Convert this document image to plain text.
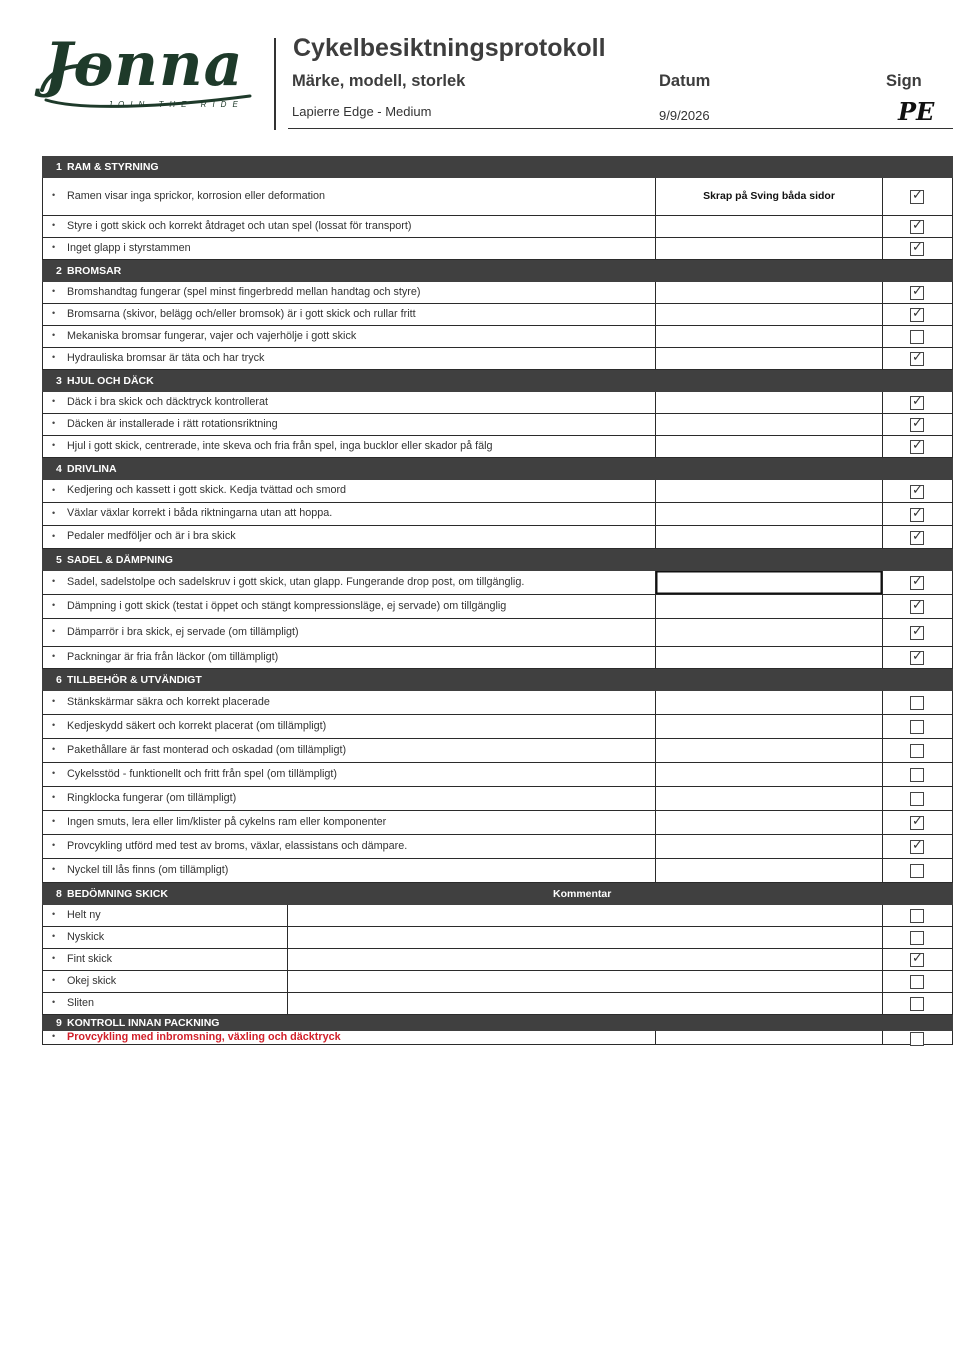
Jonna
JOIN THE RIDE
Cykelbesiktningsprotokoll
Märke, modell, storlek	Datum	Sign
Lapierre Edge - Medium	9/9/2026	PE
1 RAM & STYRNING
• Ramen visar inga sprickor, korrosion eller deformation	Skrap på Sving båda sidor	✓
• Styre i gott skick och korrekt åtdraget och utan spel (lossat för transport)	✓
• Inget glapp i styrstammen	✓
2 BROMSAR
• Bromshandtag fungerar (spel minst fingerbredd mellan handtag och styre)	✓
• Bromsarna (skivor, belägg och/eller bromsok) är i gott skick och rullar fritt	✓
• Mekaniska bromsar fungerar, vajer och vajerhölje i gott skick
• Hydrauliska bromsar är täta och har tryck	✓
3 HJUL OCH DÄCK
• Däck i bra skick och däcktryck kontrollerat	✓
• Däcken är installerade i rätt rotationsriktning	✓
• Hjul i gott skick, centrerade, inte skeva och fria från spel, inga bucklor eller skador på fälg	✓
4 DRIVLINA
• Kedjering och kassett i gott skick. Kedja tvättad och smord	✓
• Växlar växlar korrekt i båda riktningarna utan att hoppa.	✓
• Pedaler medföljer och är i bra skick	✓
5 SADEL & DÄMPNING
• Sadel, sadelstolpe och sadelskruv i gott skick, utan glapp. Fungerande drop post, om tillgänglig.	✓
• Dämpning i gott skick (testat i öppet och stängt kompressionsläge, ej servade) om tillgänglig	✓
• Dämparrör i bra skick, ej servade (om tillämpligt)	✓
• Packningar är fria från läckor (om tillämpligt)	✓
6 TILLBEHÖR & UTVÄNDIGT
• Stänkskärmar säkra och korrekt placerade
• Kedjeskydd säkert och korrekt placerat (om tillämpligt)
• Pakethållare är fast monterad och oskadad (om tillämpligt)
• Cykelsstöd - funktionellt och fritt från spel (om tillämpligt)
• Ringklocka fungerar (om tillämpligt)
• Ingen smuts, lera eller lim/klister på cykelns ram eller komponenter	✓
• Provcykling utförd med test av broms, växlar, elassistans och dämpare.	✓
• Nyckel till lås finns (om tillämpligt)
8 BEDÖMNING SKICK	Kommentar
• Helt ny
• Nyskick
• Fint skick	✓
• Okej skick
• Sliten
9 KONTROLL INNAN PACKNING
• Provcykling med inbromsning, växling och däcktryck
